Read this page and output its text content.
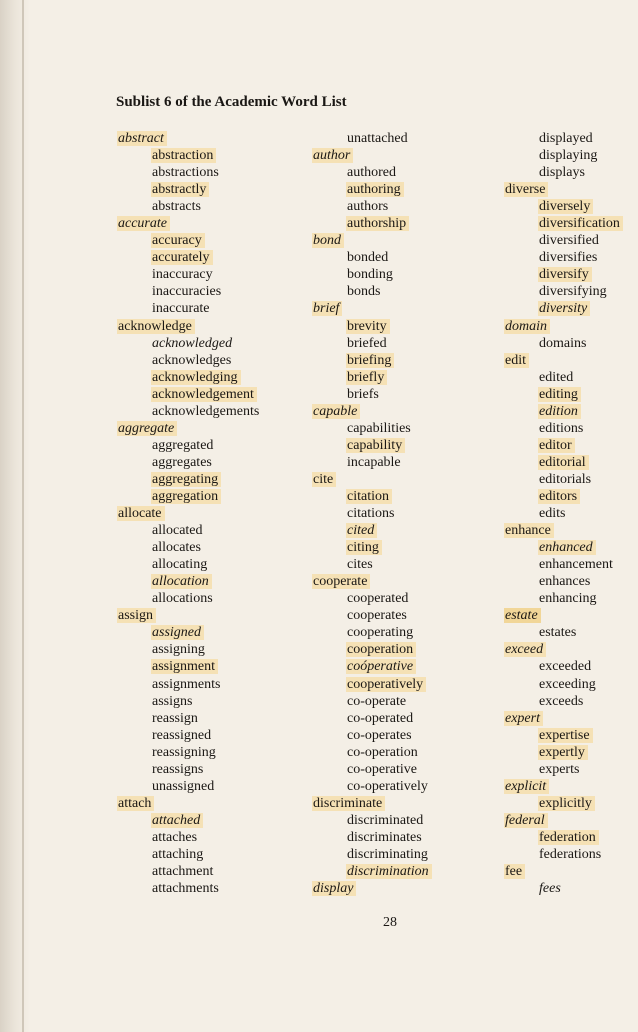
Sublist 6 of the Academic Word List
abstract
abstraction
abstractions
abstractly
abstracts
accurate
accuracy
accurately
inaccuracy
inaccuracies
inaccurate
acknowledge
acknowledged
acknowledges
acknowledging
acknowledgement
acknowledgements
aggregate
aggregated
aggregates
aggregating
aggregation
allocate
allocated
allocates
allocating
allocation
allocations
assign
assigned
assigning
assignment
assignments
assigns
reassign
reassigned
reassigning
reassigns
unassigned
attach
attached
attaches
attaching
attachment
attachments
unattached
author
authored
authoring
authors
authorship
bond
bonded
bonding
bonds
brief
brevity
briefed
briefing
briefly
briefs
capable
capabilities
capability
incapable
cite
citation
citations
cited
citing
cites
cooperate
cooperated
cooperates
cooperating
cooperation
coóperative
cooperatively
co-operate
co-operated
co-operates
co-operation
co-operative
co-operatively
discriminate
discriminated
discriminates
discriminating
discrimination
display
displayed
displaying
displays
diverse
diversely
diversification
diversified
diversifies
diversify
diversifying
diversity
domain
domains
edit
edited
editing
edition
editions
editor
editorial
editorials
editors
edits
enhance
enhanced
enhancement
enhances
enhancing
estate
estates
exceed
exceeded
exceeding
exceeds
expert
expertise
expertly
experts
explicit
explicitly
federal
federation
federations
fee
fees
28
